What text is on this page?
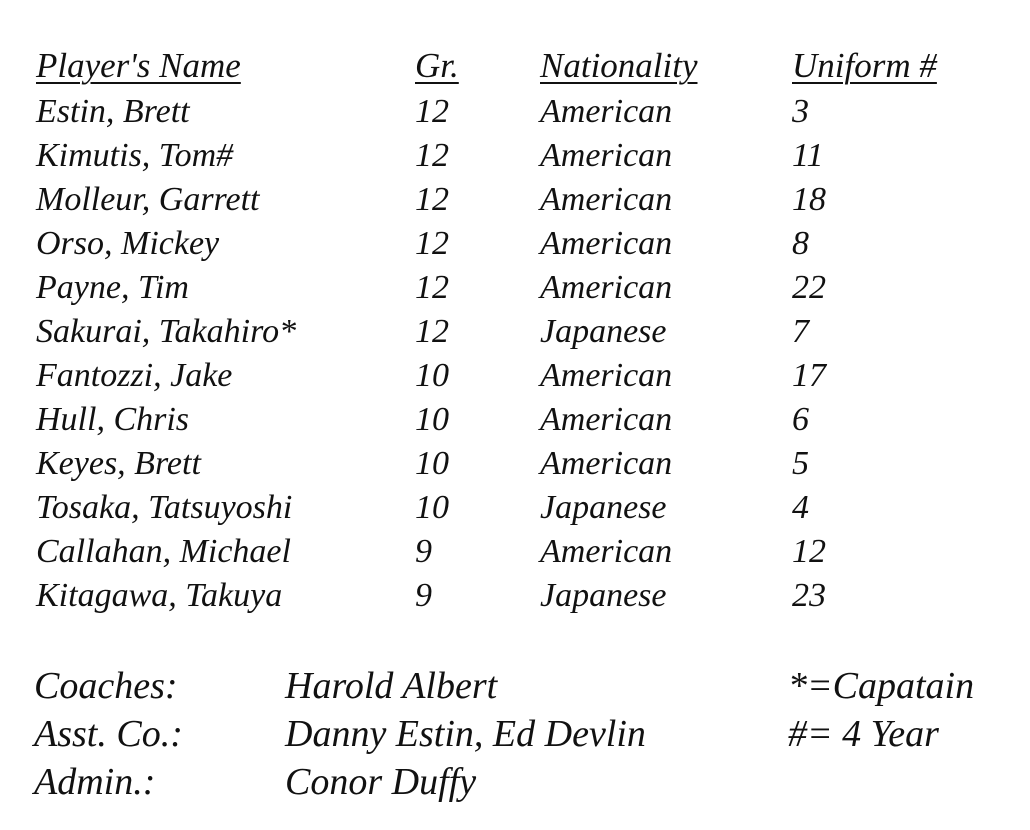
Player's Name	Gr. Nationality	Uniform #
Estin, Brett	12	American	3
Kimutis, Tom#	12	American	11
Molleur, Garrett	12	American	18
Orso, Mickey	12	American	8
Payne, Tim	12	American	22
Sakurai, Takahiro*	12	Japanese	7
Fantozzi, Jake	10	American	17
Hull, Chris	10	American	6
Keyes, Brett	10	American	5
Tosaka, Tatsuyoshi	10	Japanese	4
Callahan, Michael	9	American	12
Kitagawa, Takuya	9	Japanese	23
Coaches:	Harold Albert	*=Capatain
Asst. Co.:	Danny Estin, Ed Devlin	#= 4 Year
Admin.:	Conor Duffy
